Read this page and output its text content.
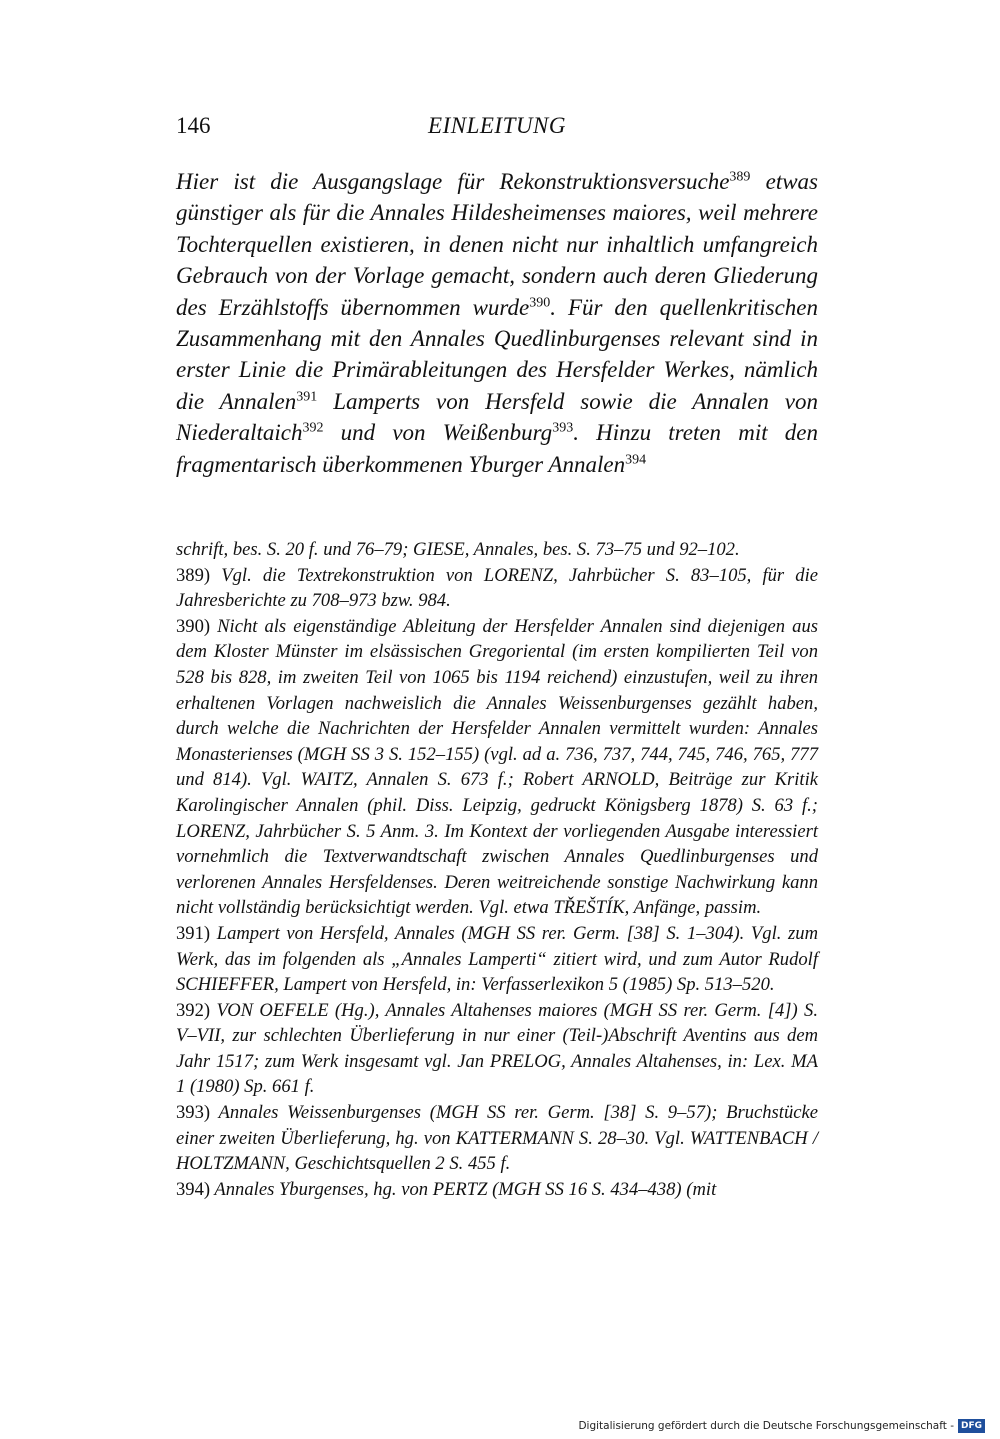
146	EINLEITUNG
Hier ist die Ausgangslage für Rekonstruktionsversuche$^{389}$ etwas günstiger als für die Annales Hildesheimenses maiores, weil mehrere Tochterquellen existieren, in denen nicht nur inhaltlich umfangreich Gebrauch von der Vorlage gemacht, sondern auch deren Gliederung des Erzählstoffs übernommen wurde$^{390}$. Für den quellenkritischen Zusammenhang mit den Annales Quedlinburgenses relevant sind in erster Linie die Primärableitungen des Hersfelder Werkes, nämlich die Annalen$^{391}$ Lamperts von Hersfeld sowie die Annalen von Niederaltaich$^{392}$ und von Weißenburg$^{393}$. Hinzu treten mit den fragmentarisch überkommenen Yburger Annalen$^{394}$

schrift, bes. S. 20 f. und 76–79; GIESE, Annales, bes. S. 73–75 und 92–102.

389) Vgl. die Textrekonstruktion von LORENZ, Jahrbücher S. 83–105, für die Jahresberichte zu 708–973 bzw. 984.

390) Nicht als eigenständige Ableitung der Hersfelder Annalen sind diejenigen aus dem Kloster Münster im elsässischen Gregoriental (im ersten kompilierten Teil von 528 bis 828, im zweiten Teil von 1065 bis 1194 reichend) einzustufen, weil zu ihren erhaltenen Vorlagen nachweislich die Annales Weissenburgenses gezählt haben, durch welche die Nachrichten der Hersfelder Annalen vermittelt wurden: Annales Monasterienses (MGH SS 3 S. 152–155) (vgl. ad a. 736, 737, 744, 745, 746, 765, 777 und 814). Vgl. WAITZ, Annalen S. 673 f.; Robert ARNOLD, Beiträge zur Kritik Karolingischer Annalen (phil. Diss. Leipzig, gedruckt Königsberg 1878) S. 63 f.; LORENZ, Jahrbücher S. 5 Anm. 3. Im Kontext der vorliegenden Ausgabe interessiert vornehmlich die Textverwandtschaft zwischen Annales Quedlinburgenses und verlorenen Annales Hersfeldenses. Deren weitreichende sonstige Nachwirkung kann nicht vollständig berücksichtigt werden. Vgl. etwa TŘEŠTÍK, Anfänge, passim.

391) Lampert von Hersfeld, Annales (MGH SS rer. Germ. [38] S. 1–304). Vgl. zum Werk, das im folgenden als „Annales Lamperti“ zitiert wird, und zum Autor Rudolf SCHIEFFER, Lampert von Hersfeld, in: Verfasserlexikon 5 (1985) Sp. 513–520.

392) VON OEFELE (Hg.), Annales Altahenses maiores (MGH SS rer. Germ. [4]) S. V–VII, zur schlechten Überlieferung in nur einer (Teil-)Abschrift Aventins aus dem Jahr 1517; zum Werk insgesamt vgl. Jan PRELOG, Annales Altahenses, in: Lex. MA 1 (1980) Sp. 661 f.

393) Annales Weissenburgenses (MGH SS rer. Germ. [38] S. 9–57); Bruchstücke einer zweiten Überlieferung, hg. von KATTERMANN S. 28–30. Vgl. WATTENBACH / HOLTZMANN, Geschichtsquellen 2 S. 455 f.

394) Annales Yburgenses, hg. von PERTZ (MGH SS 16 S. 434–438) (mit

Digitalisierung gefördert durch die Deutsche Forschungsgemeinschaft - DFG
